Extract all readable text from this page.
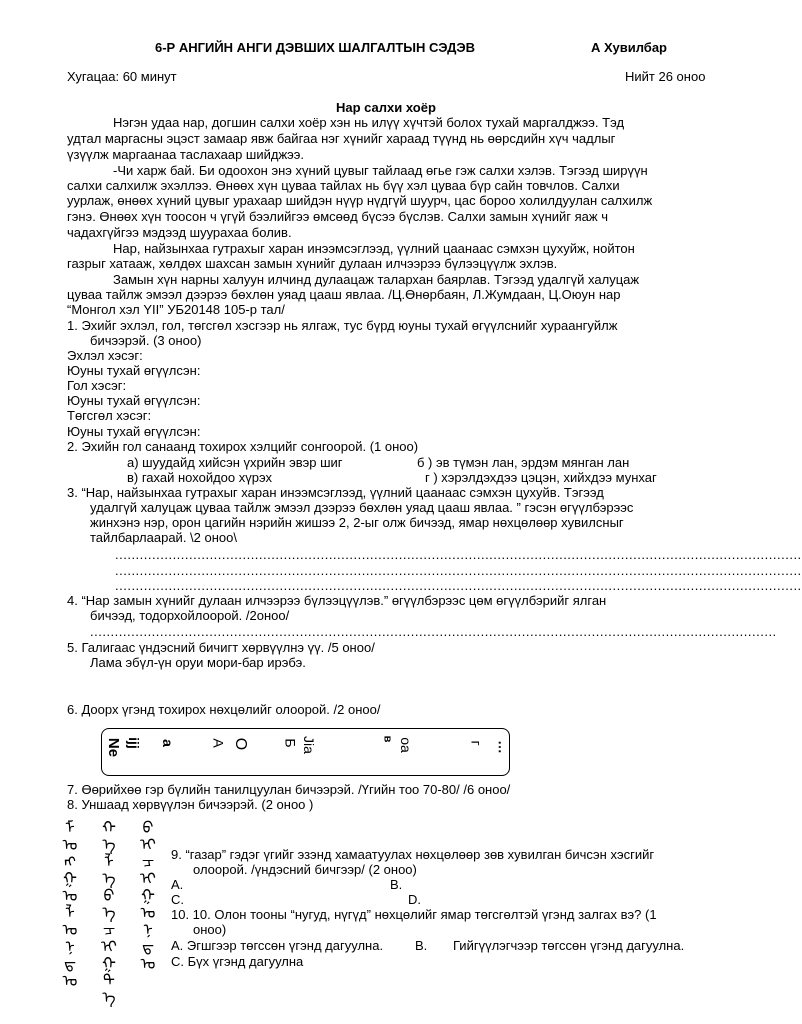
6-Р АНГИЙН АНГИ ДЭВШИХ ШАЛГАЛТЫН СЭДЭВ	А Хувилбар
Хугацаа: 60 минут	Нийт 26 оноо
Нар салхи хоёр
Нэгэн удаа нар, догшин салхи хоёр хэн нь илүү хүчтэй болох тухай маргалджээ. Тэд
удтал маргасны эцэст замаар явж байгаа нэг хүнийг хараад түүнд нь өөрсдийн хүч чадлыг
үзүүлж маргаанаа таслахаар шийджээ.
-Чи харж бай. Би одоохон энэ хүний цувыг тайлаад өгье гэж салхи хэлэв. Тэгээд ширүүн
салхи салхилж эхэллээ. Өнөөх хүн цуваа тайлах нь бүү хэл цуваа бүр сайн товчлов. Салхи
уурлаж, өнөөх хүний цувыг урахаар шийдэн нүүр нүдгүй шуурч, цас бороо холилдуулан салхилж
гэнэ. Өнөөх хүн тоосон ч үгүй бээлийгээ өмсөөд бүсээ бүслэв. Салхи замын хүнийг яаж ч
чадахгүйгээ мэдээд шуурахаа болив.
Нар, найзынхаа гутрахыг харан инээмсэглээд, үүлний цаанаас сэмхэн цухуйж, нойтон
газрыг хатааж, хөлдөх шахсан замын хүнийг дулаан илчээрээ бүлээцүүлж эхлэв.
Замын хүн нарны халуун илчинд дулаацаж талархан баярлав. Тэгээд удалгүй халуцаж
цуваа тайлж эмээл дээрээ бөхлөн уяад цааш явлаа. /Ц.Өнөрбаян, Л.Жумдаан, Ц.Оюун нар
“Монгол хэл YII” УБ20148 105-р тал/
1. Эхийг эхлэл, гол, төгсгөл хэсгээр нь ялгаж, тус бүрд юуны тухай өгүүлснийг хураангуйлж
бичээрэй. (3 оноо)
Эхлэл хэсэг:
Юуны тухай өгүүлсэн:
Гол хэсэг:
Юуны тухай өгүүлсэн:
Төгсгөл хэсэг:
Юуны тухай өгүүлсэн:
2. Эхийн гол санаанд тохирох хэлцийг сонгоорой. (1 оноо)
а) шуудайд хийсэн үхрийн эвэр шиг	б ) эв түмэн лан, эрдэм мянган лан
в) гахай нохойдоо хүрэх	г ) хэрэлдэхдээ цэцэн, хийхдээ мунхаг
3. “Нар, найзынхаа гутрахыг харан инээмсэглээд, үүлний цаанаас сэмхэн цухуйв. Тэгээд
удалгүй халуцаж цуваа тайлж эмээл дээрээ бөхлөн уяад цааш явлаа. ” гэсэн өгүүлбэрээс
жинхэнэ нэр, орон цагийн нэрийн жишээ 2, 2-ыг олж бичээд, ямар нөхцөлөөр хувилсныг
тайлбарлаарай. \2 оноо\
.......................................................................................................................................................................
.......................................................................................................................................................................
.......................................................................................................................................................................
4. “Нар замын хүнийг дулаан илчээрээ бүлээцүүлэв.” өгүүлбэрээс цөм өгүүлбэрийг ялган
бичээд, тодорхойлоорой. /2оноо/
.......................................................................................................................................................................
5. Галигаас үндэсний бичигт хөрвүүлнэ үү. /5 оноо/
Лама эбүл-үн оруи мори-бар ирэбэ.
6. Доорх үгэнд тохирох нөхцөлийг олоорой. /2 оноо/
Ne ijj a A O Б Jia	в oa	г ⋯
7. Өөрийхөө гэр бүлийн танилцуулан бичээрэй. /Үгийн тоо 70-80/ /6 оноо/
8. Уншаад хөрвүүлэн бичээрэй. (2 оноо )
ᠮ
ᠣ
ᠩ
ᠭ
ᠣ
ᠯ
ᠤ
ᠨ
ᠳ
ᠤ
ᠬ
ᠡ
ᠯ
ᠡ
ᠪ
ᠡ
ᠴ
ᠢ
ᠭ
ᠲ
ᠡ
ᠪ
ᠢ
ᠴ
ᠢ
ᠭ
ᠤ
ᠨ
ᠳ
ᠤ
9. “газар” гэдэг үгийг эзэнд хамаатуулах нөхцөлөөр зөв хувилган бичсэн хэсгийг
олоорой. /үндэсний бичгээр/ (2 оноо)
A.	B.
C.	D.
10. 10. Олон тооны “нугуд, нүгүд” нөхцөлийг ямар төгсгөлтэй үгэнд залгах вэ? (1
оноо)
A. Эгшгээр төгссөн үгэнд дагуулна. B. Гийгүүлэгчээр төгссөн үгэнд дагуулна.
C. Бүх үгэнд дагуулна
